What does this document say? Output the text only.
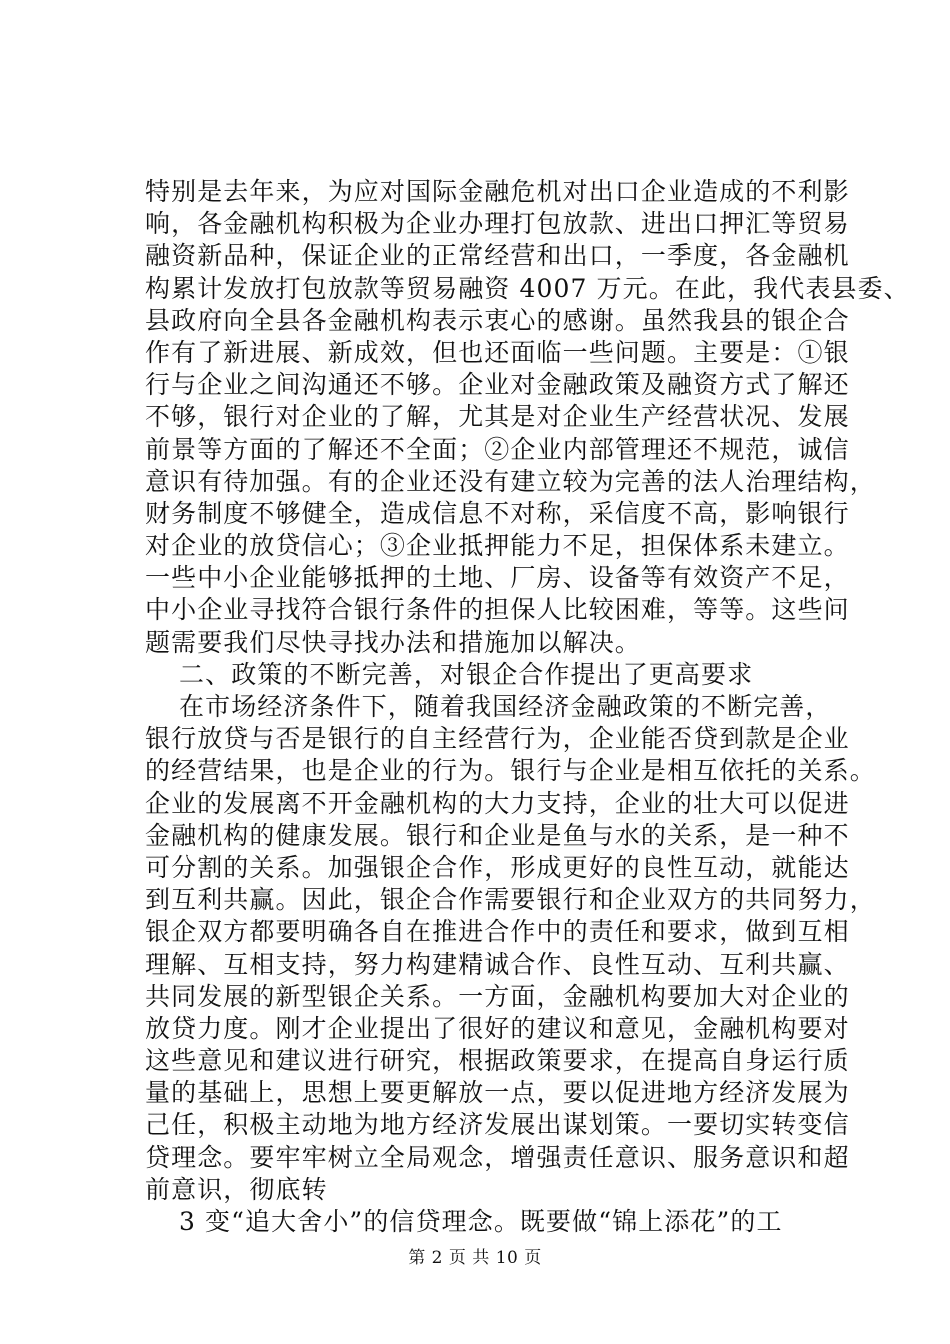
特别是去年来，为应对国际金融危机对出口企业造成的不利影
响，各金融机构积极为企业办理打包放款、进出口押汇等贸易
融资新品种，保证企业的正常经营和出口，一季度，各金融机
构累计发放打包放款等贸易融资 4007 万元。在此，我代表县委、
县政府向全县各金融机构表示衷心的感谢。虽然我县的银企合
作有了新进展、新成效，但也还面临一些问题。主要是：①银
行与企业之间沟通还不够。企业对金融政策及融资方式了解还
不够，银行对企业的了解，尤其是对企业生产经营状况、发展
前景等方面的了解还不全面；②企业内部管理还不规范，诚信
意识有待加强。有的企业还没有建立较为完善的法人治理结构，
财务制度不够健全，造成信息不对称，采信度不高，影响银行
对企业的放贷信心；③企业抵押能力不足，担保体系未建立。
一些中小企业能够抵押的土地、厂房、设备等有效资产不足，
中小企业寻找符合银行条件的担保人比较困难，等等。这些问
题需要我们尽快寻找办法和措施加以解决。
二、政策的不断完善，对银企合作提出了更高要求
在市场经济条件下，随着我国经济金融政策的不断完善，
银行放贷与否是银行的自主经营行为，企业能否贷到款是企业
的经营结果，也是企业的行为。银行与企业是相互依托的关系。
企业的发展离不开金融机构的大力支持，企业的壮大可以促进
金融机构的健康发展。银行和企业是鱼与水的关系，是一种不
可分割的关系。加强银企合作，形成更好的良性互动，就能达
到互利共赢。因此，银企合作需要银行和企业双方的共同努力，
银企双方都要明确各自在推进合作中的责任和要求，做到互相
理解、互相支持，努力构建精诚合作、良性互动、互利共赢、
共同发展的新型银企关系。一方面，金融机构要加大对企业的
放贷力度。刚才企业提出了很好的建议和意见，金融机构要对
这些意见和建议进行研究，根据政策要求，在提高自身运行质
量的基础上，思想上要更解放一点，要以促进地方经济发展为
己任，积极主动地为地方经济发展出谋划策。一要切实转变信
贷理念。要牢牢树立全局观念，增强责任意识、服务意识和超
前意识，彻底转
3 变“追大舍小”的信贷理念。既要做“锦上添花”的工
第 2 页 共 10 页
